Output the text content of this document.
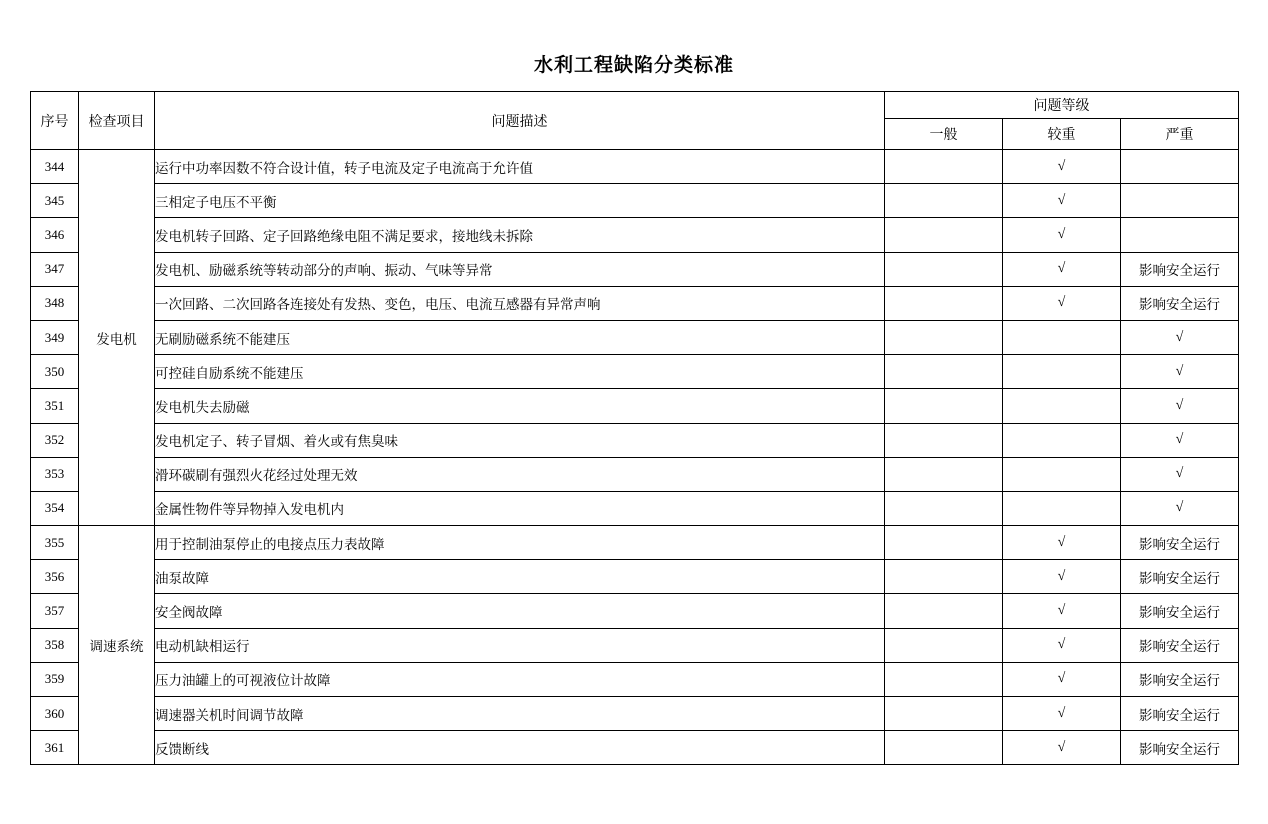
水利工程缺陷分类标准
序号	检查项目	问题描述	问题等级		
			一般	较重	严重
344	发电机	运行中功率因数不符合设计值，转子电流及定子电流高于允许值		√	
345		三相定子电压不平衡		√	
346		发电机转子回路、定子回路绝缘电阻不满足要求，接地线未拆除		√	
347		发电机、励磁系统等转动部分的声响、振动、气味等异常		√	影响安全运行
348		一次回路、二次回路各连接处有发热、变色，电压、电流互感器有异常声响		√	影响安全运行
349		无刷励磁系统不能建压			√
350		可控硅自励系统不能建压			√
351		发电机失去励磁			√
352		发电机定子、转子冒烟、着火或有焦臭味			√
353		滑环碳刷有强烈火花经过处理无效			√
354		金属性物件等异物掉入发电机内			√
355	调速系统	用于控制油泵停止的电接点压力表故障		√	影响安全运行
356		油泵故障		√	影响安全运行
357		安全阀故障		√	影响安全运行
358		电动机缺相运行		√	影响安全运行
359		压力油罐上的可视液位计故障		√	影响安全运行
360		调速器关机时间调节故障		√	影响安全运行
361		反馈断线		√	影响安全运行
